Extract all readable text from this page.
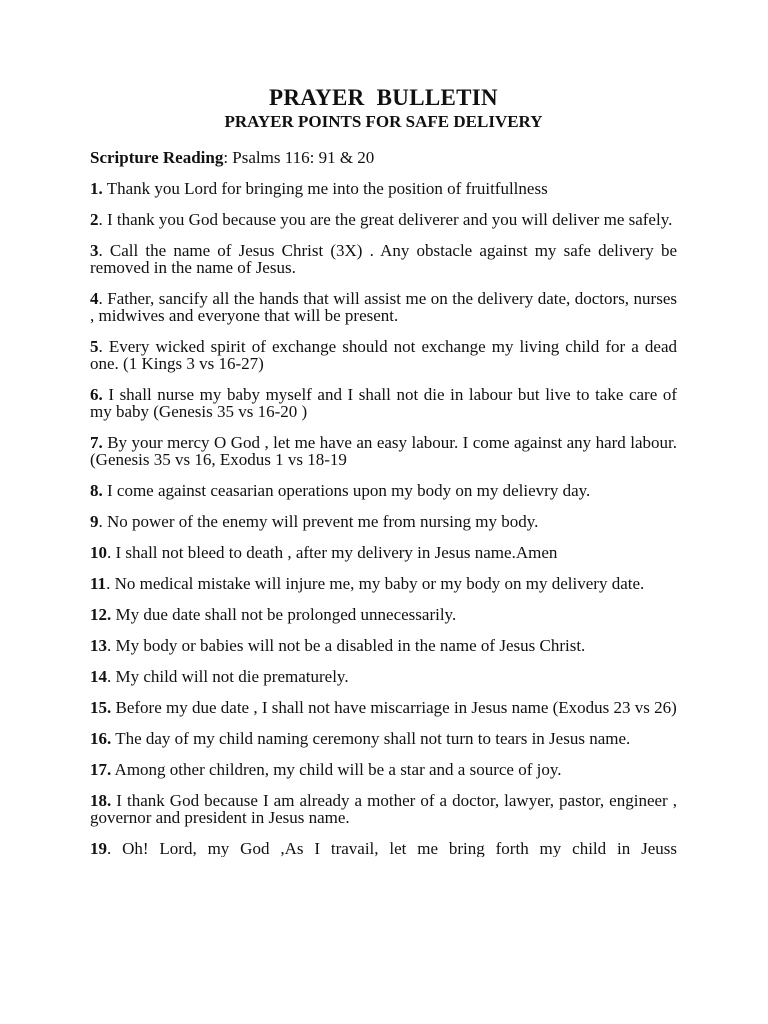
PRAYER  BULLETIN
PRAYER POINTS FOR SAFE DELIVERY

Scripture Reading: Psalms 116: 91 & 20

1. Thank you Lord for bringing me into the position of fruitfullness

2. I thank you God because you are the great deliverer and you will deliver me safely.

3. Call the name of Jesus Christ (3X) . Any obstacle against my safe delivery be removed in the name of Jesus.

4. Father, sancify all the hands that will assist me on the delivery date, doctors, nurses , midwives and everyone that will be present.

5. Every wicked spirit of exchange should not exchange my living child for a dead one. (1 Kings 3 vs 16-27)

6. I shall nurse my baby myself and I shall not die in labour but live to take care of my baby (Genesis 35 vs 16-20 )

7. By your mercy O God , let me have an easy labour. I come against any hard labour. (Genesis 35 vs 16, Exodus 1 vs 18-19

8. I come against ceasarian operations upon my body on my delievry day.

9. No power of the enemy will prevent me from nursing my body.

10. I shall not bleed to death , after my delivery in Jesus name.Amen

11. No medical mistake will injure me, my baby or my body on my delivery date.

12. My due date shall not be prolonged unnecessarily.

13. My body or babies will not be a disabled in the name of Jesus Christ.

14. My child will not die prematurely.

15. Before my due date , I shall not have miscarriage in Jesus name (Exodus 23 vs 26)

16. The day of my child naming ceremony shall not turn to tears in Jesus name.

17. Among other children, my child will be a star and a source of joy.

18. I thank God because I am already a mother of a doctor, lawyer, pastor, engineer , governor and president in Jesus name.

19. Oh! Lord, my God ,As I travail, let me bring forth my child in Jeuss
